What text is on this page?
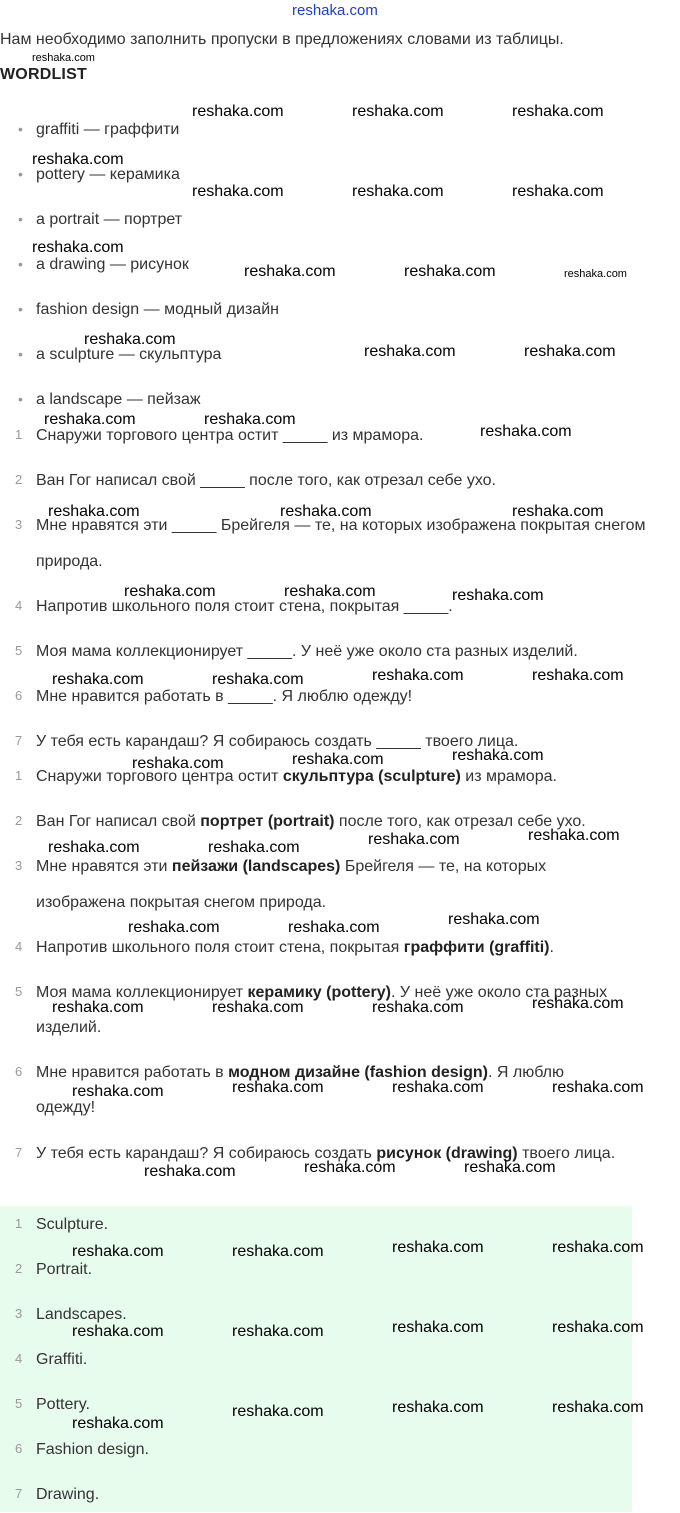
reshaka.com
Нам необходимо заполнить пропуски в предложениях словами из таблицы.
WORDLIST
• graffiti — граффити
• pottery — керамика
• a portrait — портрет
• a drawing — рисунок
• fashion design — модный дизайн
• a sculpture — скульптура
• a landscape — пейзаж
1 Снаружи торгового центра остит _____ из мрамора.
2 Ван Гог написал свой _____ после того, как отрезал себе ухо.
3 Мне нравятся эти _____ Брейгеля — те, на которых изображена покрытая снегом природа.
4 Напротив школьного поля стоит стена, покрытая _____.
5 Моя мама коллекционирует _____. У неё уже около ста разных изделий.
6 Мне нравится работать в _____. Я люблю одежду!
7 У тебя есть карандаш? Я собираюсь создать _____ твоего лица.
1 Снаружи торгового центра остит скульптура (sculpture) из мрамора.
2 Ван Гог написал свой портрет (portrait) после того, как отрезал себе ухо.
3 Мне нравятся эти пейзажи (landscapes) Брейгеля — те, на которых изображена покрытая снегом природа.
4 Напротив школьного поля стоит стена, покрытая граффити (graffiti).
5 Моя мама коллекционирует керамику (pottery). У неё уже около ста разных изделий.
6 Мне нравится работать в модном дизайне (fashion design). Я люблю одежду!
7 У тебя есть карандаш? Я собираюсь создать рисунок (drawing) твоего лица.
1 Sculpture.
2 Portrait.
3 Landscapes.
4 Graffiti.
5 Pottery.
6 Fashion design.
7 Drawing.
reshaka.com
reshaka.com	reshaka.com	reshaka.com
reshaka.com
reshaka.com	reshaka.com	reshaka.com
reshaka.com
reshaka.com	reshaka.com	reshaka.com
reshaka.com
reshaka.com	reshaka.com
reshaka.com	reshaka.com
reshaka.com
reshaka.com	reshaka.com	reshaka.com
reshaka.com	reshaka.com	reshaka.com
reshaka.com	reshaka.com	reshaka.com	reshaka.com
reshaka.com	reshaka.com	reshaka.com
reshaka.com	reshaka.com	reshaka.com	reshaka.com
reshaka.com	reshaka.com	reshaka.com
reshaka.com	reshaka.com	reshaka.com	reshaka.com
reshaka.com	reshaka.com	reshaka.com	reshaka.com
reshaka.com	reshaka.com	reshaka.com
reshaka.com	reshaka.com	reshaka.com	reshaka.com
reshaka.com	reshaka.com	reshaka.com	reshaka.com
reshaka.com
reshaka.com	reshaka.com	reshaka.com
